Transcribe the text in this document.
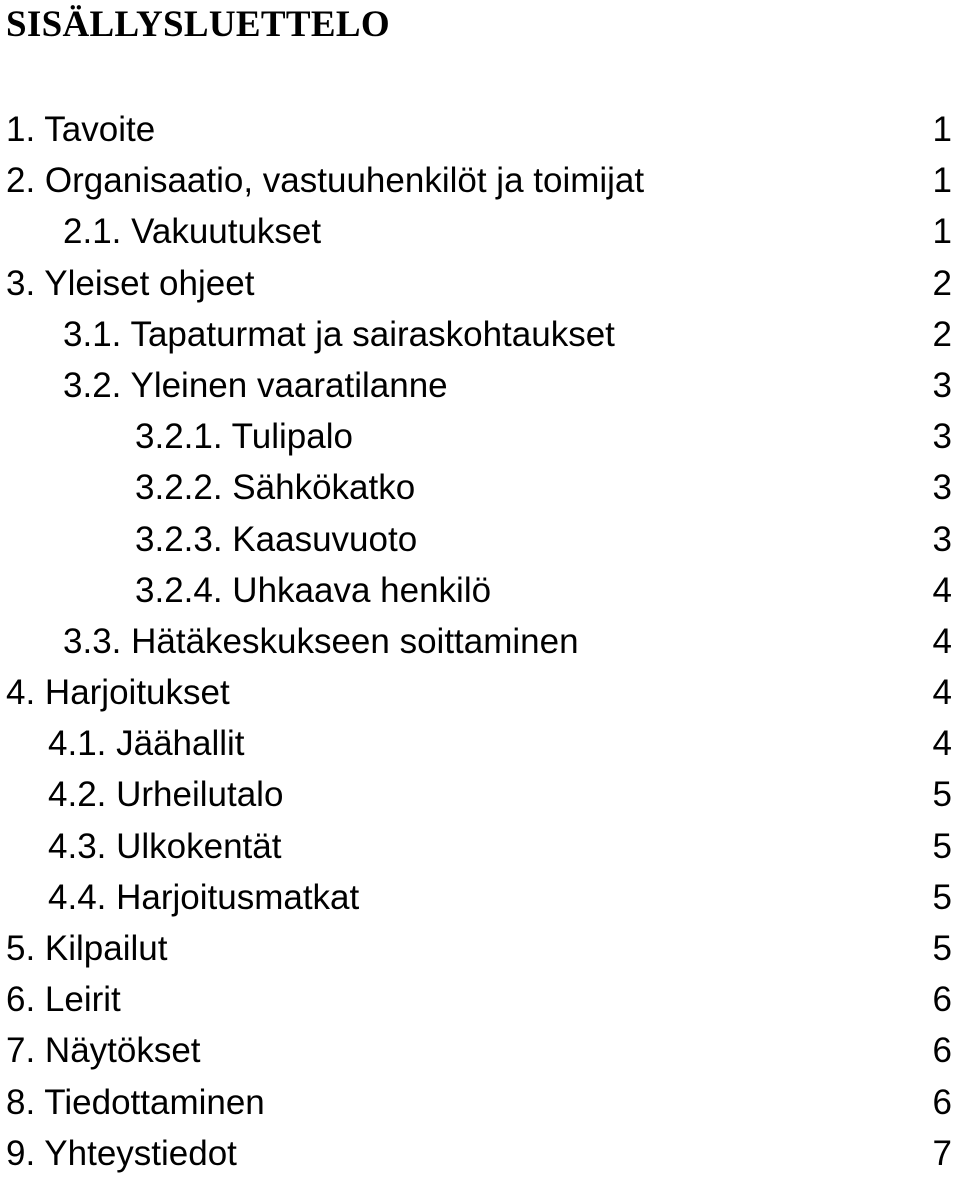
SISÄLLYSLUETTELO
1. Tavoite	1
2. Organisaatio, vastuuhenkilöt ja toimijat	1
2.1. Vakuutukset	1
3. Yleiset ohjeet	2
3.1. Tapaturmat ja sairaskohtaukset	2
3.2. Yleinen vaaratilanne	3
3.2.1. Tulipalo	3
3.2.2. Sähkökatko	3
3.2.3. Kaasuvuoto	3
3.2.4. Uhkaava henkilö	4
3.3. Hätäkeskukseen soittaminen	4
4. Harjoitukset	4
4.1. Jäähallit	4
4.2. Urheilutalo	5
4.3. Ulkokentät	5
4.4. Harjoitusmatkat	5
5. Kilpailut	5
6. Leirit	6
7. Näytökset	6
8. Tiedottaminen	6
9. Yhteystiedot	7
